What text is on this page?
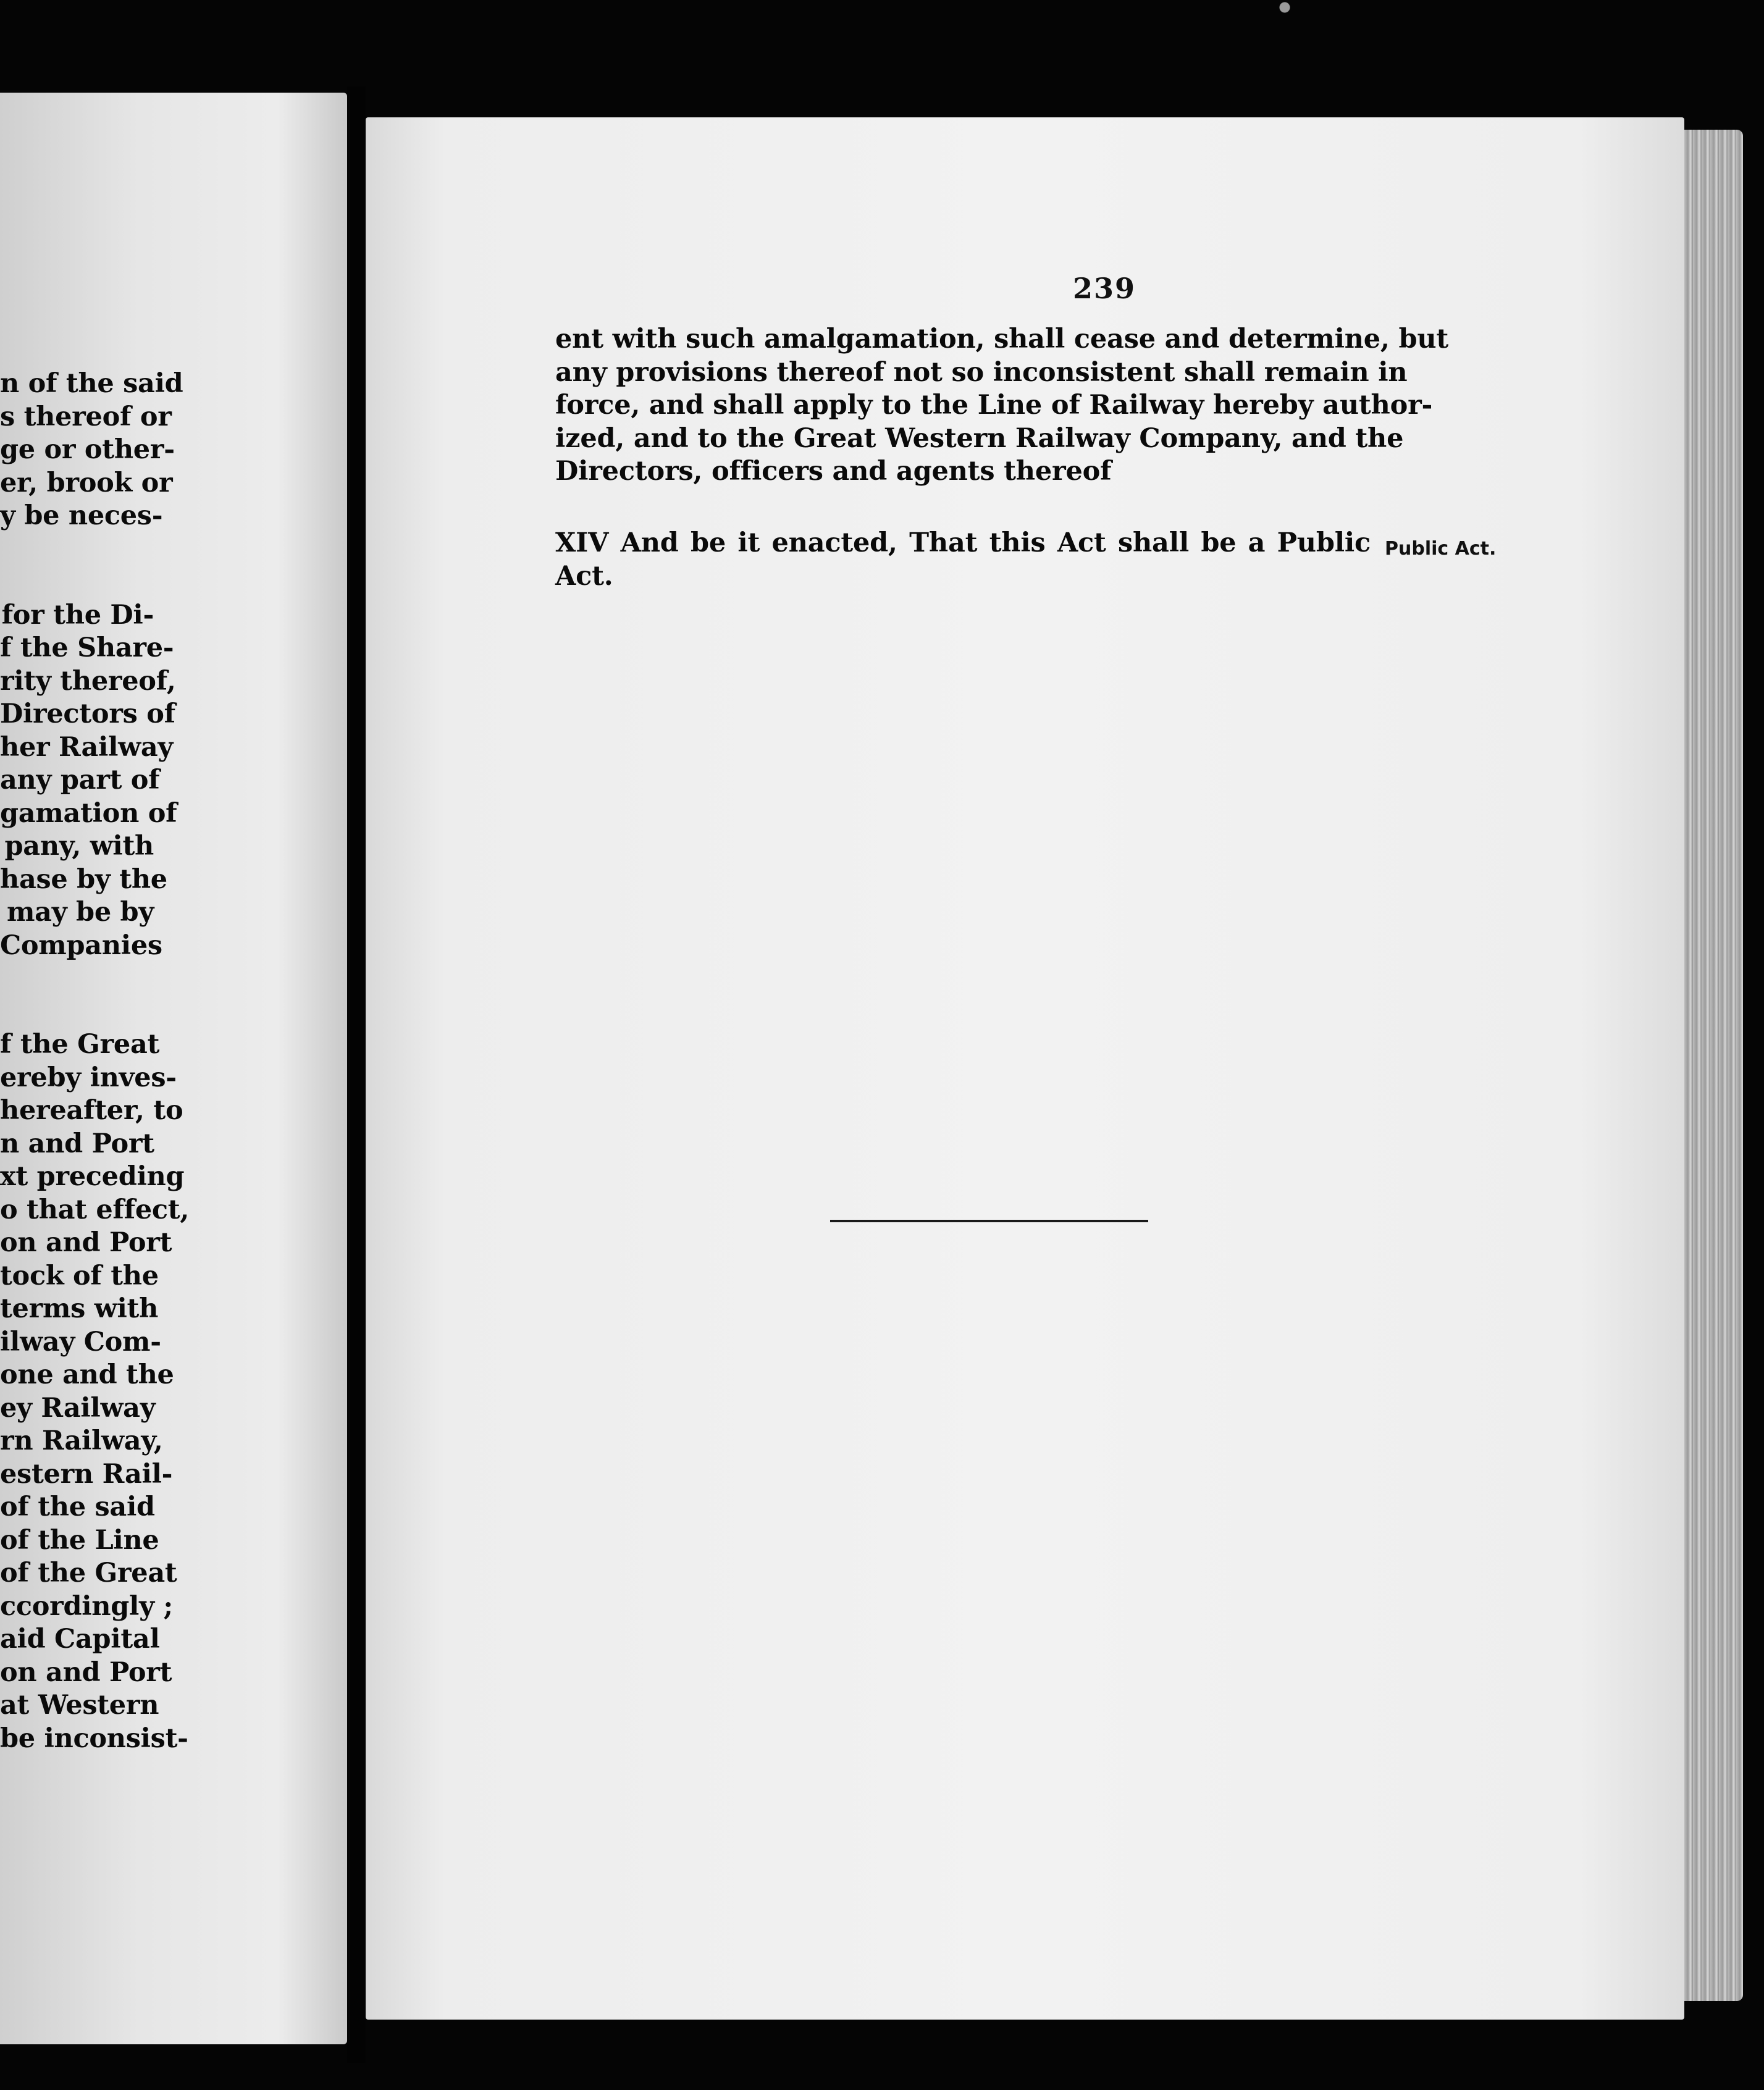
n of the said
s thereof or
ge or other-
er, brook or
y be neces-
for the Di-
f the Share-
rity thereof,
Directors of
her Railway
any part of
gamation of
pany, with
hase by the
may be by
Companies
f the Great
ereby inves-
hereafter, to
n and Port
xt preceding
o that effect,
on and Port
tock of the
terms with
ilway Com-
one and the
ey Railway
rn Railway,
estern Rail-
of the said
of the Line
of the Great
ccordingly ;
aid Capital
on and Port
at Western
be inconsist-

239
ent with such amalgamation, shall cease and determine, but
any provisions thereof not so inconsistent shall remain in
force, and shall apply to the Line of Railway hereby author-
ized, and to the Great Western Railway Company, and the
Directors, officers and agents thereof
XIV And be it enacted, That this Act shall be a Public
Act.
Public Act.
